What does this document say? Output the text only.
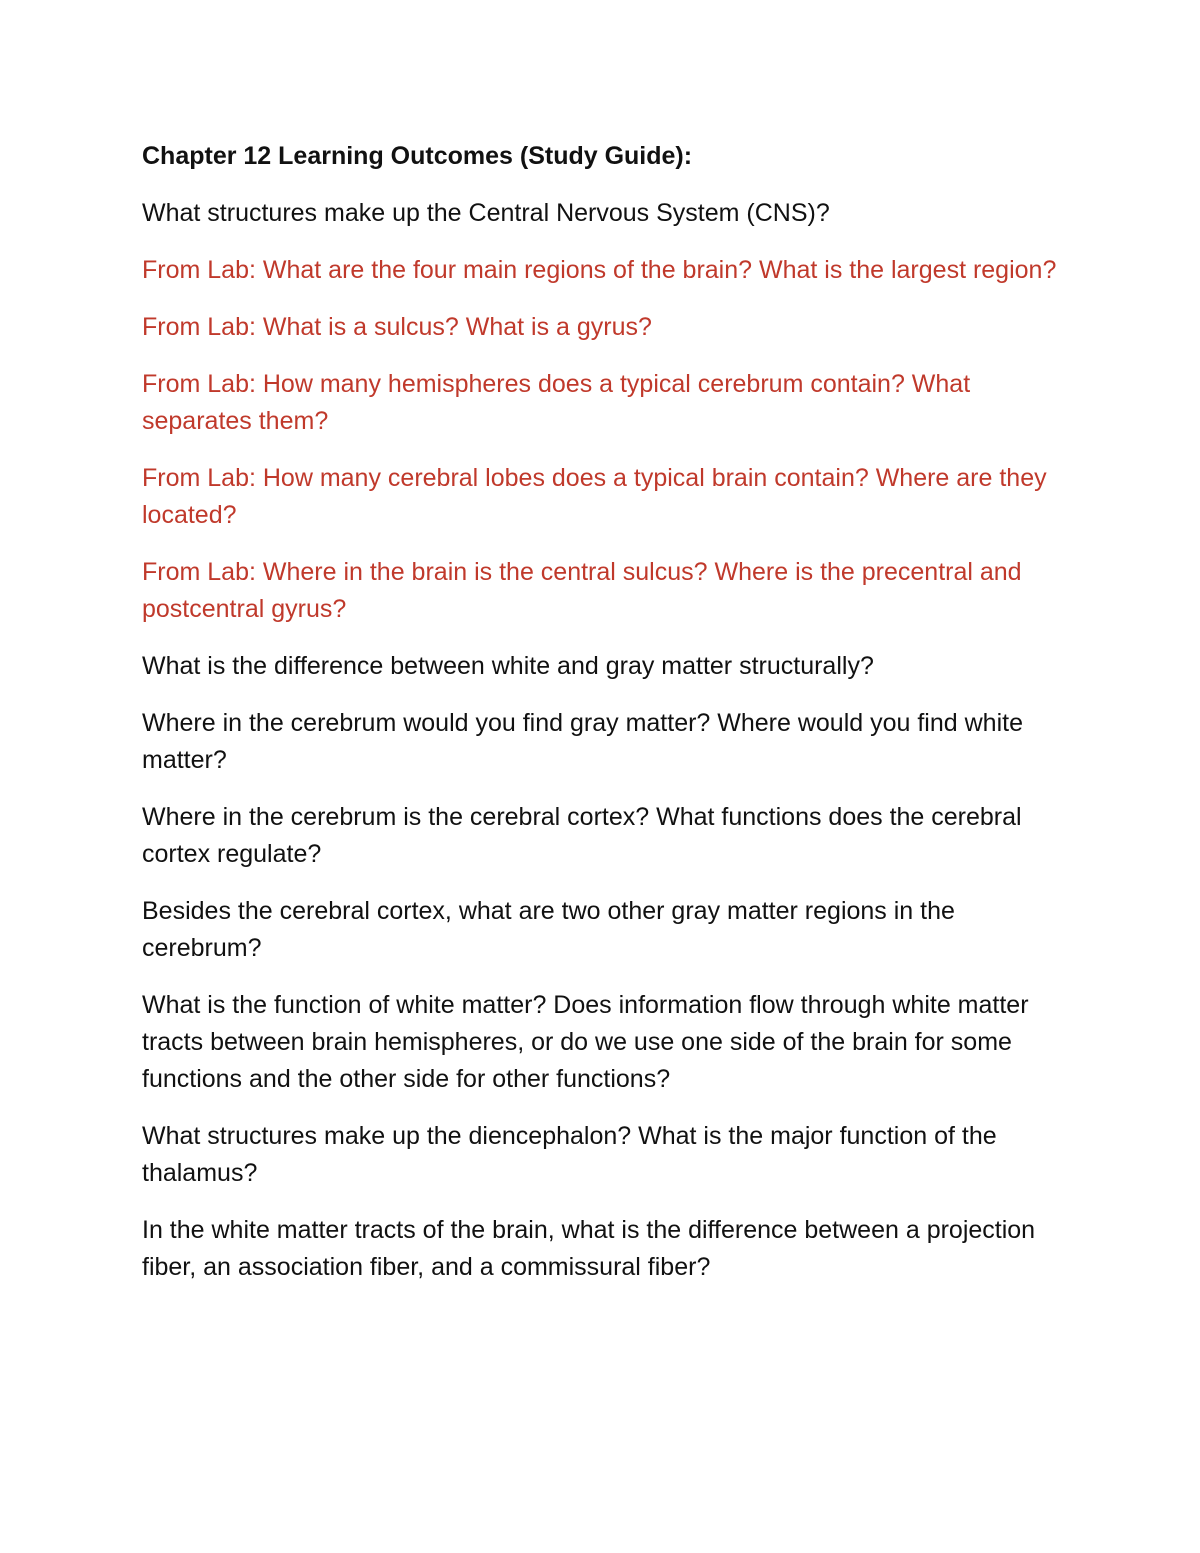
Chapter 12 Learning Outcomes (Study Guide):

What structures make up the Central Nervous System (CNS)?

From Lab: What are the four main regions of the brain? What is the largest region?

From Lab: What is a sulcus? What is a gyrus?

From Lab: How many hemispheres does a typical cerebrum contain? What separates them?

From Lab: How many cerebral lobes does a typical brain contain? Where are they located?

From Lab: Where in the brain is the central sulcus? Where is the precentral and postcentral gyrus?

What is the difference between white and gray matter structurally?

Where in the cerebrum would you find gray matter? Where would you find white matter?

Where in the cerebrum is the cerebral cortex? What functions does the cerebral cortex regulate?

Besides the cerebral cortex, what are two other gray matter regions in the cerebrum?

What is the function of white matter? Does information flow through white matter tracts between brain hemispheres, or do we use one side of the brain for some functions and the other side for other functions?

What structures make up the diencephalon? What is the major function of the thalamus?

In the white matter tracts of the brain, what is the difference between a projection fiber, an association fiber, and a commissural fiber?
